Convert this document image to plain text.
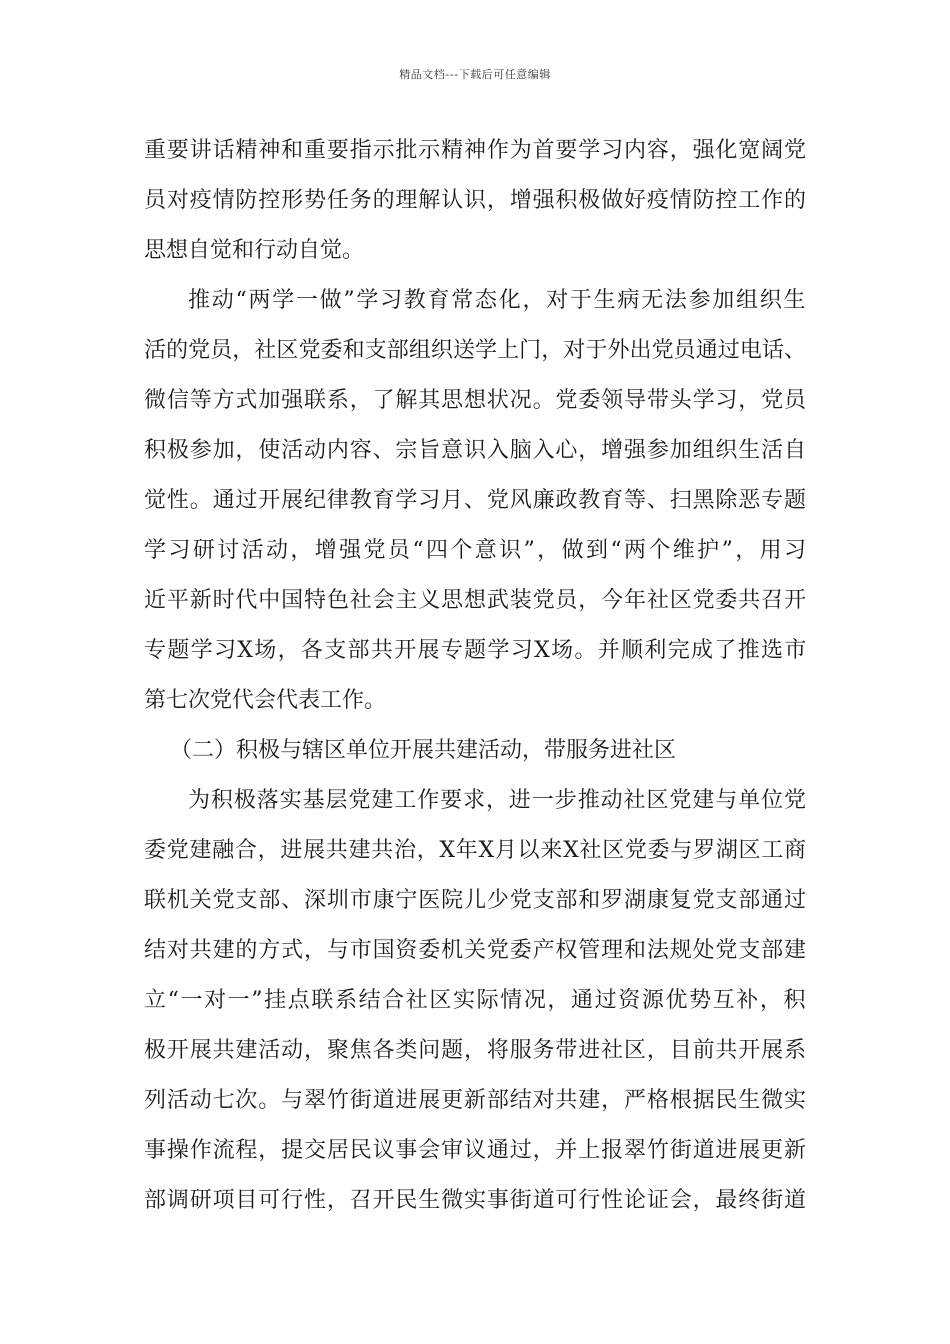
精品文档---下载后可任意编辑
重要讲话精神和重要指示批示精神作为首要学习内容，强化宽阔党
员对疫情防控形势任务的理解认识，增强积极做好疫情防控工作的
思想自觉和行动自觉。
推动“两学一做”学习教育常态化，对于生病无法参加组织生
活的党员，社区党委和支部组织送学上门，对于外出党员通过电话、
微信等方式加强联系，了解其思想状况。党委领导带头学习，党员
积极参加，使活动内容、宗旨意识入脑入心，增强参加组织生活自
觉性。通过开展纪律教育学习月、党风廉政教育等、扫黑除恶专题
学习研讨活动，增强党员“四个意识”，做到“两个维护”，用习
近平新时代中国特色社会主义思想武装党员，今年社区党委共召开
专题学习X场，各支部共开展专题学习X场。并顺利完成了推选市
第七次党代会代表工作。
（二）积极与辖区单位开展共建活动，带服务进社区
为积极落实基层党建工作要求，进一步推动社区党建与单位党
委党建融合，进展共建共治，X年X月以来X社区党委与罗湖区工商
联机关党支部、深圳市康宁医院儿少党支部和罗湖康复党支部通过
结对共建的方式，与市国资委机关党委产权管理和法规处党支部建
立“一对一”挂点联系结合社区实际情况，通过资源优势互补，积
极开展共建活动，聚焦各类问题，将服务带进社区，目前共开展系
列活动七次。与翠竹街道进展更新部结对共建，严格根据民生微实
事操作流程，提交居民议事会审议通过，并上报翠竹街道进展更新
部调研项目可行性，召开民生微实事街道可行性论证会，最终街道
